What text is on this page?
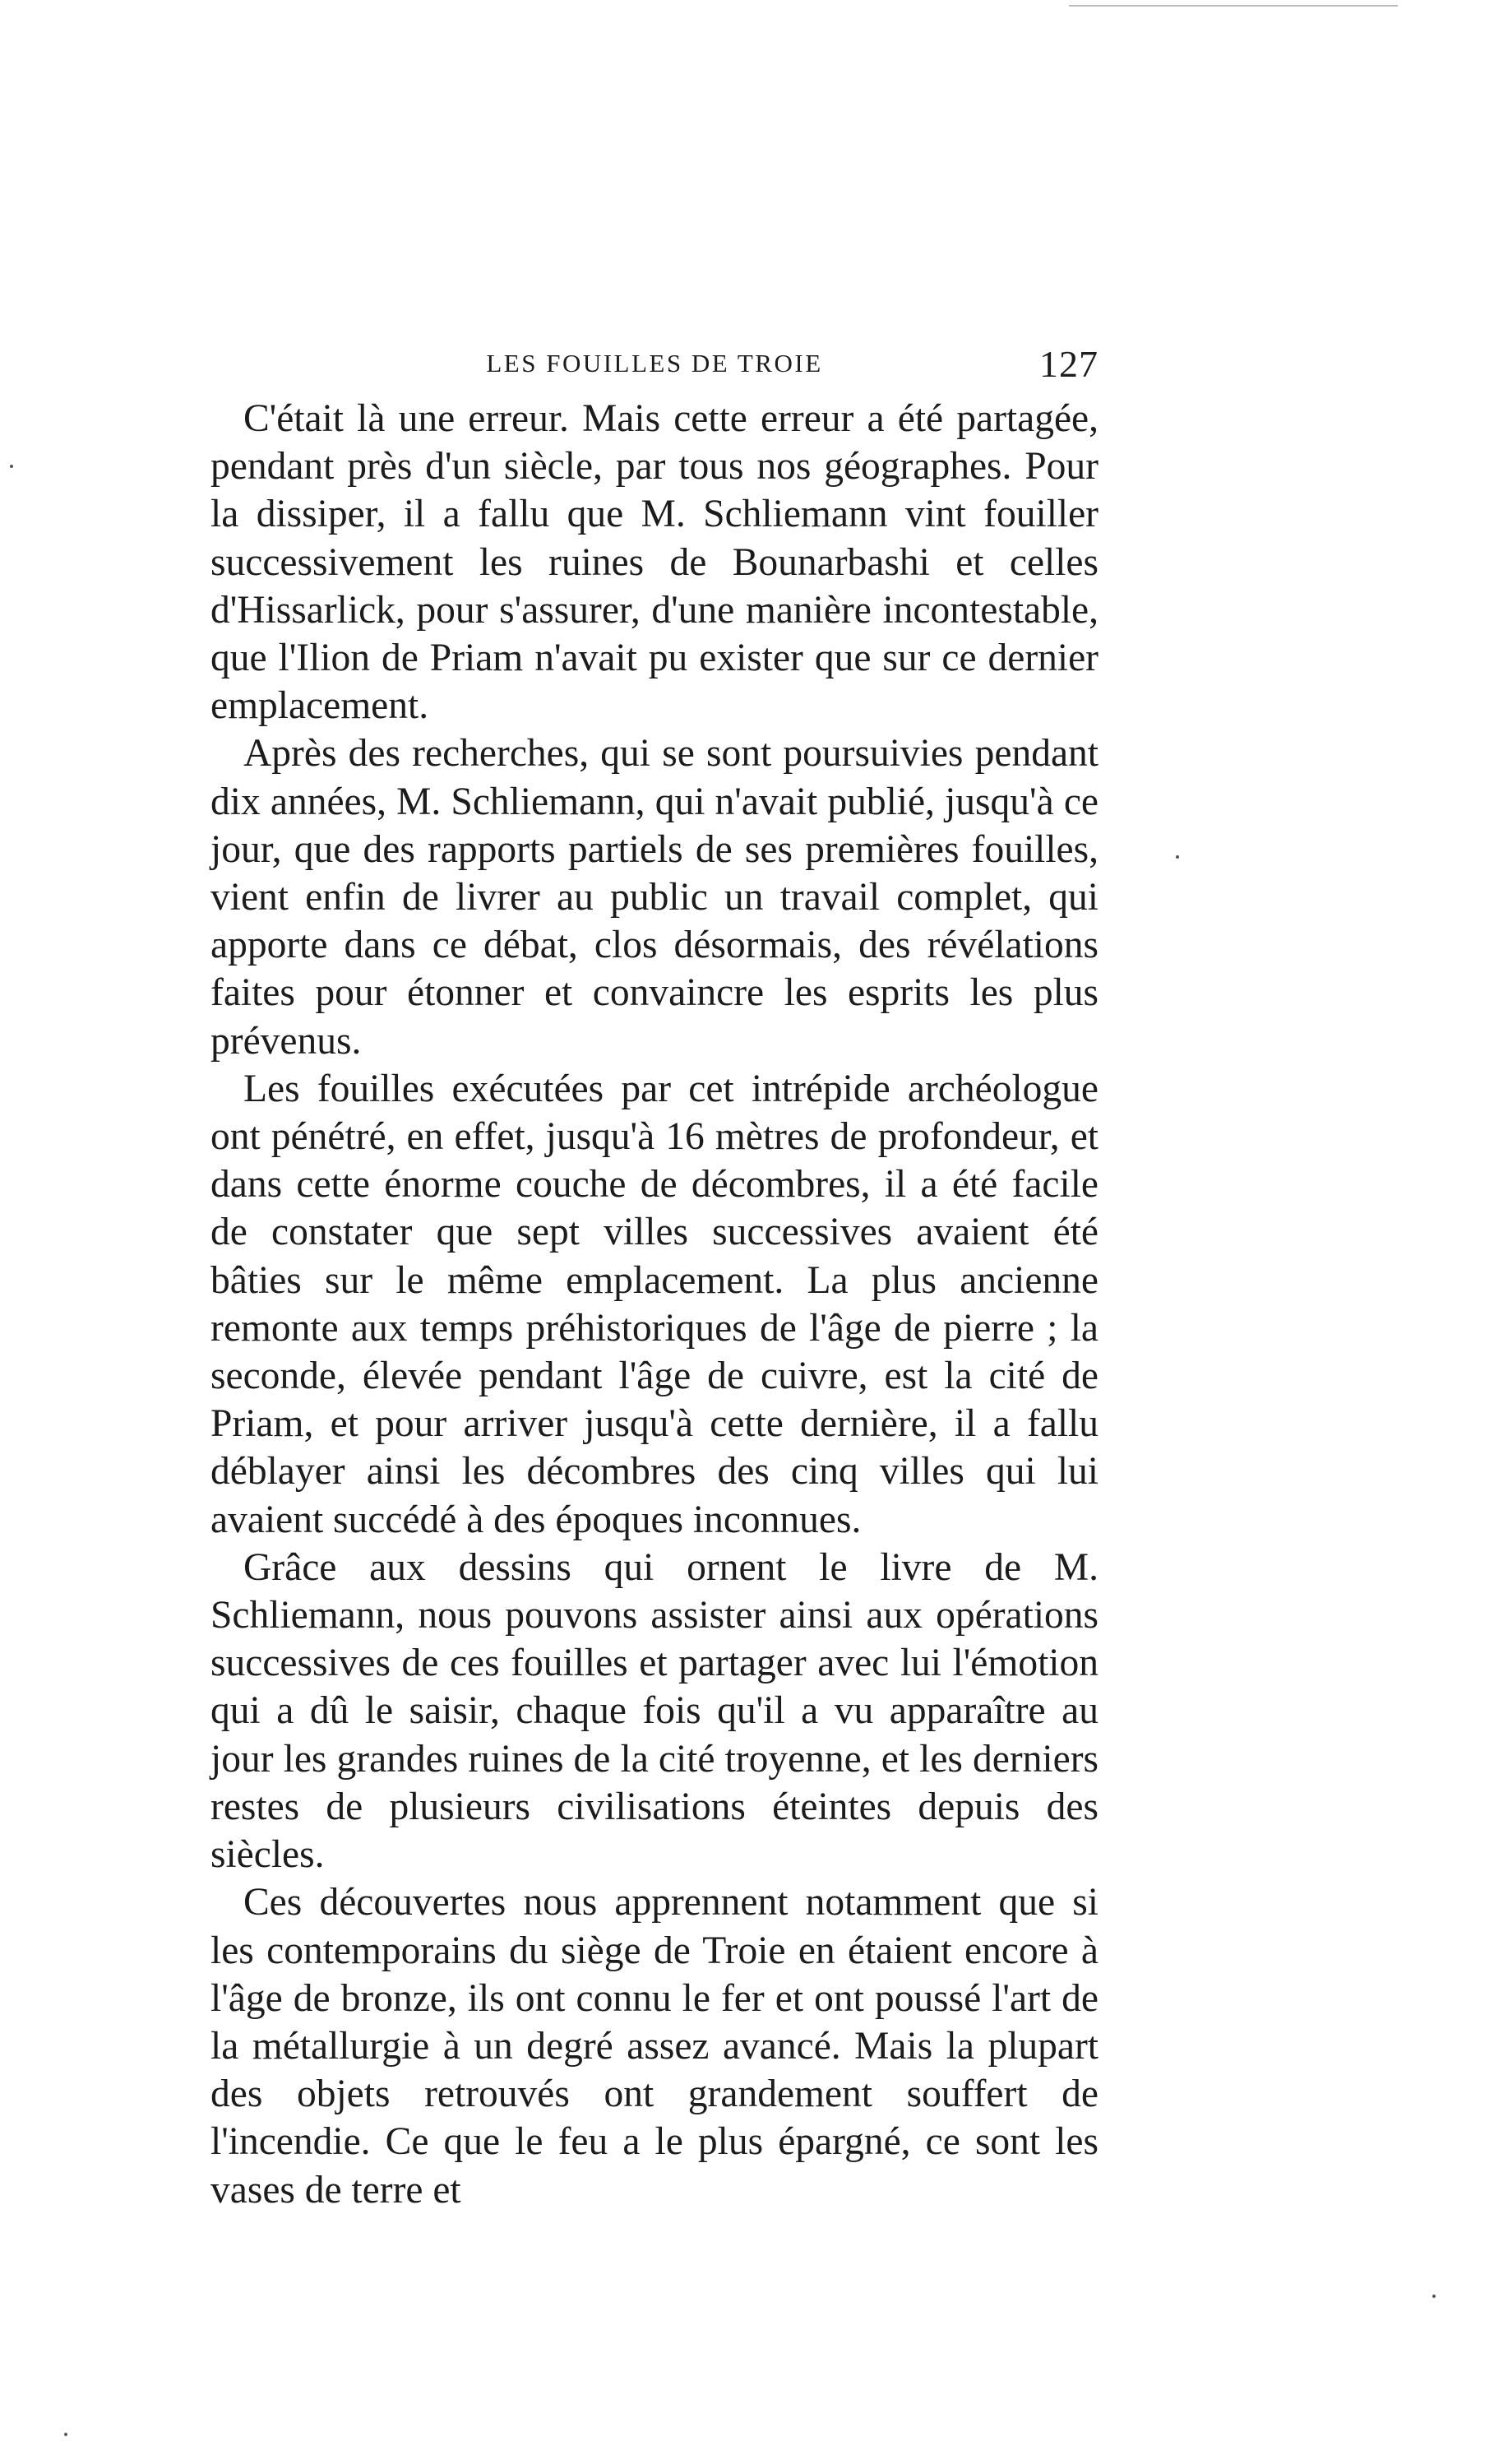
LES FOUILLES DE TROIE	127

C'était là une erreur. Mais cette erreur a été partagée, pendant près d'un siècle, par tous nos géographes. Pour la dissiper, il a fallu que M. Schliemann vint fouiller successivement les ruines de Bounarbashi et celles d'Hissarlick, pour s'assurer, d'une manière incontestable, que l'Ilion de Priam n'avait pu exister que sur ce dernier emplacement.

Après des recherches, qui se sont poursuivies pendant dix années, M. Schliemann, qui n'avait publié, jusqu'à ce jour, que des rapports partiels de ses premières fouilles, vient enfin de livrer au public un travail complet, qui apporte dans ce débat, clos désormais, des révélations faites pour étonner et convaincre les esprits les plus prévenus.

Les fouilles exécutées par cet intrépide archéologue ont pénétré, en effet, jusqu'à 16 mètres de profondeur, et dans cette énorme couche de décombres, il a été facile de constater que sept villes successives avaient été bâties sur le même emplacement. La plus ancienne remonte aux temps préhistoriques de l'âge de pierre ; la seconde, élevée pendant l'âge de cuivre, est la cité de Priam, et pour arriver jusqu'à cette dernière, il a fallu déblayer ainsi les décombres des cinq villes qui lui avaient succédé à des époques inconnues.

Grâce aux dessins qui ornent le livre de M. Schliemann, nous pouvons assister ainsi aux opérations successives de ces fouilles et partager avec lui l'émotion qui a dû le saisir, chaque fois qu'il a vu apparaître au jour les grandes ruines de la cité troyenne, et les derniers restes de plusieurs civilisations éteintes depuis des siècles.

Ces découvertes nous apprennent notamment que si les contemporains du siège de Troie en étaient encore à l'âge de bronze, ils ont connu le fer et ont poussé l'art de la métallurgie à un degré assez avancé. Mais la plupart des objets retrouvés ont grandement souffert de l'incendie. Ce que le feu a le plus épargné, ce sont les vases de terre et
